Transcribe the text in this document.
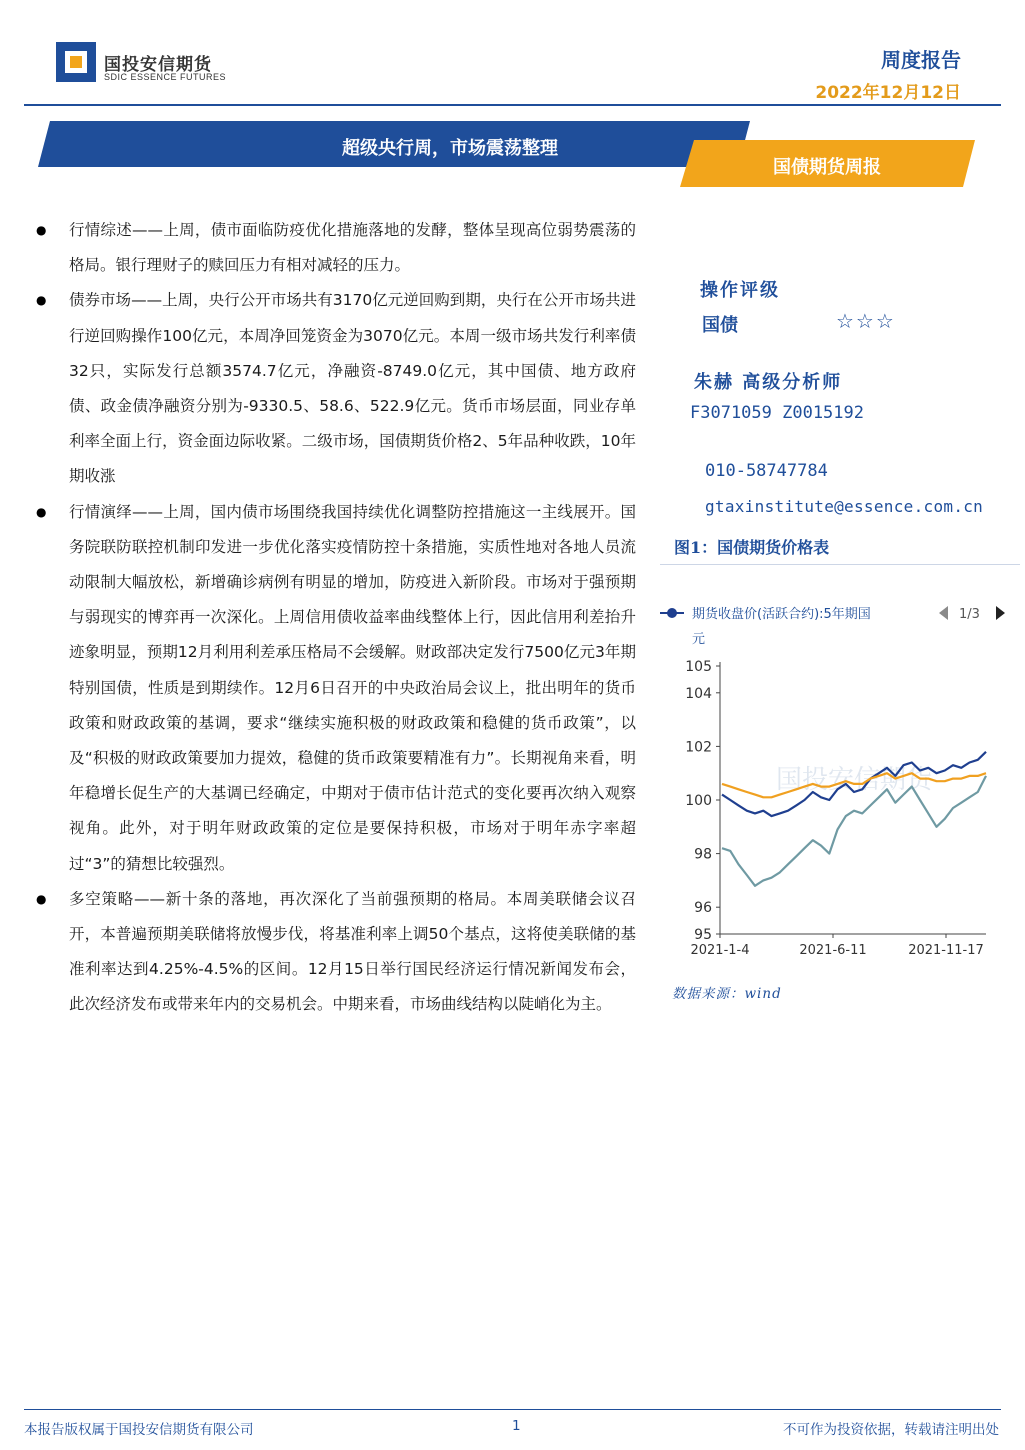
国投安信期货
SDIC ESSENCE FUTURES
周度报告
2022年12月12日
超级央行周，市场震荡整理
国债期货周报
● 行情综述——上周，债市面临防疫优化措施落地的发酵，整体呈现高位弱势震荡的格局。银行理财子的赎回压力有相对减轻的压力。
● 债券市场——上周，央行公开市场共有3170亿元逆回购到期，央行在公开市场共进行逆回购操作100亿元，本周净回笼资金为3070亿元。本周一级市场共发行利率债32只，实际发行总额3574.7亿元，净融资-8749.0亿元，其中国债、地方政府债、政金债净融资分别为-9330.5、58.6、522.9亿元。货币市场层面，同业存单利率全面上行，资金面边际收紧。二级市场，国债期货价格2、5年品种收跌，10年期收涨
● 行情演绎——上周，国内债市场围绕我国持续优化调整防控措施这一主线展开。国务院联防联控机制印发进一步优化落实疫情防控十条措施，实质性地对各地人员流动限制大幅放松，新增确诊病例有明显的增加，防疫进入新阶段。市场对于强预期与弱现实的博弈再一次深化。上周信用债收益率曲线整体上行，因此信用利差抬升迹象明显，预期12月利用利差承压格局不会缓解。财政部决定发行7500亿元3年期特别国债，性质是到期续作。12月6日召开的中央政治局会议上，批出明年的货币政策和财政政策的基调，要求“继续实施积极的财政政策和稳健的货币政策”，以及“积极的财政政策要加力提效，稳健的货币政策要精准有力”。长期视角来看，明年稳增长促生产的大基调已经确定，中期对于债市估计范式的变化要再次纳入观察视角。此外，对于明年财政政策的定位是要保持积极，市场对于明年赤字率超过“3”的猜想比较强烈。
● 多空策略——新十条的落地，再次深化了当前强预期的格局。本周美联储会议召开，本普遍预期美联储将放慢步伐，将基准利率上调50个基点，这将使美联储的基准利率达到4.25%-4.5%的区间。12月15日举行国民经济运行情况新闻发布会，此次经济发布或带来年内的交易机会。中期来看，市场曲线结构以陡峭化为主。
操作评级
国债	☆☆☆
朱赫 高级分析师
F3071059 Z0015192
010-58747784
gtaxinstitute@essence.com.cn
图1：国债期货价格表
期货收盘价(活跃合约):5年期国
元
1/3
国投安信期货
95
96
98
100
102
104
105
2021-1-4	2021-6-11	2021-11-17
数据来源：wind
本报告版权属于国投安信期货有限公司	1	不可作为投资依据，转载请注明出处
